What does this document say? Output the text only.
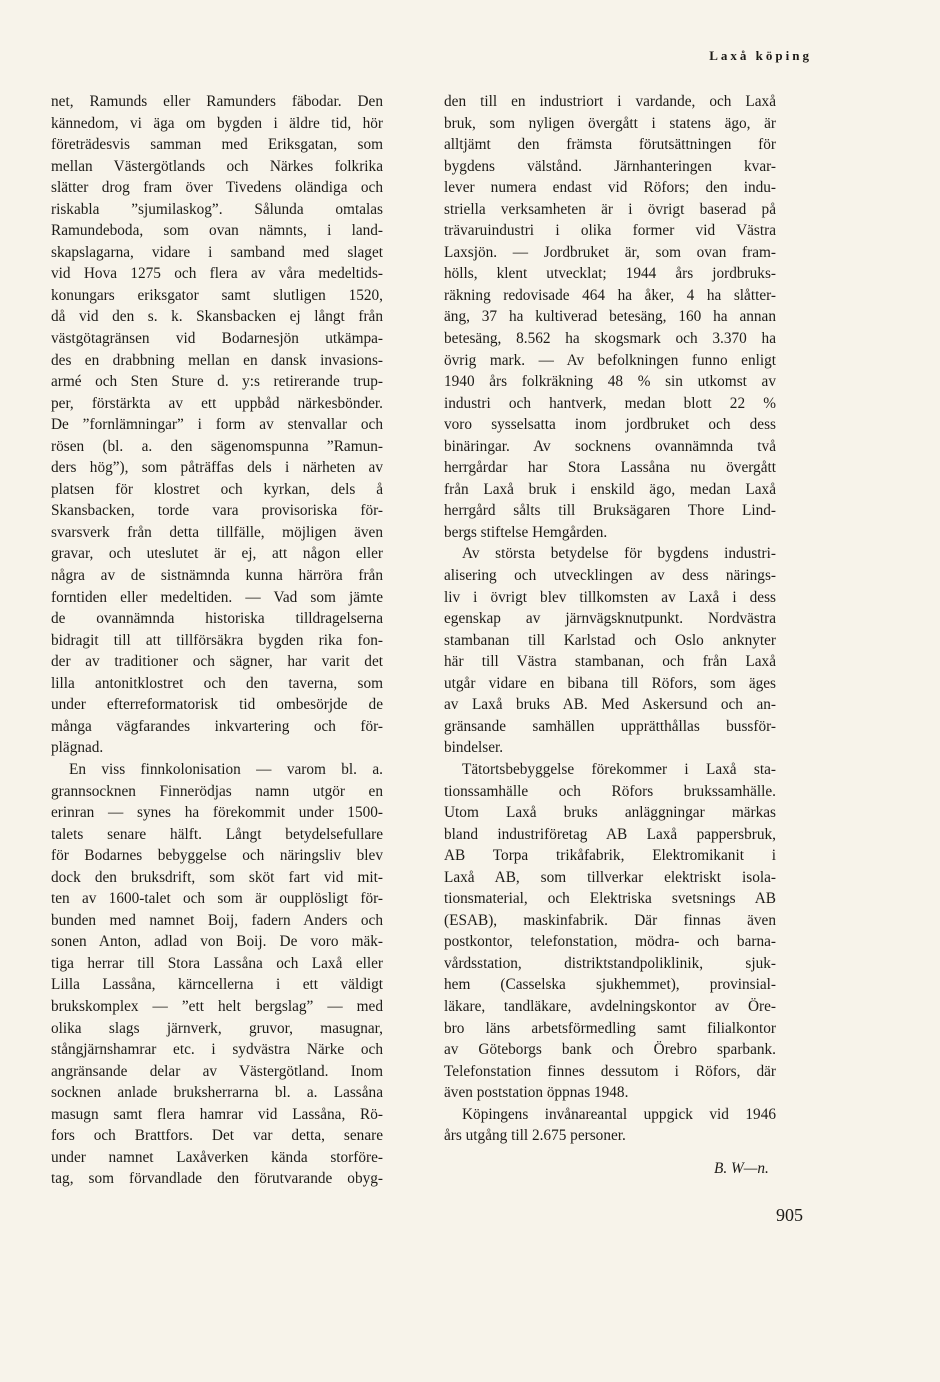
Laxå köping
net, Ramunds eller Ramunders fäbodar. Den
kännedom, vi äga om bygden i äldre tid, hör
företrädesvis samman med Eriksgatan, som
mellan Västergötlands och Närkes folkrika
slätter drog fram över Tivedens oländiga och
riskabla ”sjumilaskog”. Sålunda omtalas
Ramundeboda, som ovan nämnts, i land-
skapslagarna, vidare i samband med slaget
vid Hova 1275 och flera av våra medeltids-
konungars eriksgator samt slutligen 1520,
då vid den s. k. Skansbacken ej långt från
västgötagränsen vid Bodarnesjön utkämpa-
des en drabbning mellan en dansk invasions-
armé och Sten Sture d. y:s retirerande trup-
per, förstärkta av ett uppbåd närkesbönder.
De ”fornlämningar” i form av stenvallar och
rösen (bl. a. den sägenomspunna ”Ramun-
ders hög”), som påträffas dels i närheten av
platsen för klostret och kyrkan, dels å
Skansbacken, torde vara provisoriska för-
svarsverk från detta tillfälle, möjligen även
gravar, och uteslutet är ej, att någon eller
några av de sistnämnda kunna härröra från
forntiden eller medeltiden. — Vad som jämte
de ovannämnda historiska tilldragelserna
bidragit till att tillförsäkra bygden rika fon-
der av traditioner och sägner, har varit det
lilla antonitklostret och den taverna, som
under efterreformatorisk tid ombesörjde de
många vägfarandes inkvartering och för-
plägnad.
En viss finnkolonisation — varom bl. a.
grannsocknen Finnerödjas namn utgör en
erinran — synes ha förekommit under 1500-
talets senare hälft. Långt betydelsefullare
för Bodarnes bebyggelse och näringsliv blev
dock den bruksdrift, som sköt fart vid mit-
ten av 1600-talet och som är oupplösligt för-
bunden med namnet Boij, fadern Anders och
sonen Anton, adlad von Boij. De voro mäk-
tiga herrar till Stora Lassåna och Laxå eller
Lilla Lassåna, kärncellerna i ett väldigt
brukskomplex — ”ett helt bergslag” — med
olika slags järnverk, gruvor, masugnar,
stångjärnshamrar etc. i sydvästra Närke och
angränsande delar av Västergötland. Inom
socknen anlade bruksherrarna bl. a. Lassåna
masugn samt flera hamrar vid Lassåna, Rö-
fors och Brattfors. Det var detta, senare
under namnet Laxåverken kända storföre-
tag, som förvandlade den förutvarande obyg-
den till en industriort i vardande, och Laxå
bruk, som nyligen övergått i statens ägo, är
alltjämt den främsta förutsättningen för
bygdens välstånd. Järnhanteringen kvar-
lever numera endast vid Röfors; den indu-
striella verksamheten är i övrigt baserad på
trävaruindustri i olika former vid Västra
Laxsjön. — Jordbruket är, som ovan fram-
hölls, klent utvecklat; 1944 års jordbruks-
räkning redovisade 464 ha åker, 4 ha slåtter-
äng, 37 ha kultiverad betesäng, 160 ha annan
betesäng, 8.562 ha skogsmark och 3.370 ha
övrig mark. — Av befolkningen funno enligt
1940 års folkräkning 48 % sin utkomst av
industri och hantverk, medan blott 22 %
voro sysselsatta inom jordbruket och dess
binäringar. Av socknens ovannämnda två
herrgårdar har Stora Lassåna nu övergått
från Laxå bruk i enskild ägo, medan Laxå
herrgård sålts till Bruksägaren Thore Lind-
bergs stiftelse Hemgården.
Av största betydelse för bygdens industri-
alisering och utvecklingen av dess närings-
liv i övrigt blev tillkomsten av Laxå i dess
egenskap av järnvägsknutpunkt. Nordvästra
stambanan till Karlstad och Oslo anknyter
här till Västra stambanan, och från Laxå
utgår vidare en bibana till Röfors, som äges
av Laxå bruks AB. Med Askersund och an-
gränsande samhällen upprätthållas bussför-
bindelser.
Tätortsbebyggelse förekommer i Laxå sta-
tionssamhälle och Röfors brukssamhälle.
Utom Laxå bruks anläggningar märkas
bland industriföretag AB Laxå pappersbruk,
AB Torpa trikåfabrik, Elektromikanit i
Laxå AB, som tillverkar elektriskt isola-
tionsmaterial, och Elektriska svetsnings AB
(ESAB), maskinfabrik. Där finnas även
postkontor, telefonstation, mödra- och barna-
vårdsstation, distriktstandpoliklinik, sjuk-
hem (Casselska sjukhemmet), provinsial-
läkare, tandläkare, avdelningskontor av Öre-
bro läns arbetsförmedling samt filialkontor
av Göteborgs bank och Örebro sparbank.
Telefonstation finnes dessutom i Röfors, där
även poststation öppnas 1948.
Köpingens invånareantal uppgick vid 1946
års utgång till 2.675 personer.
B. W—n.
905
